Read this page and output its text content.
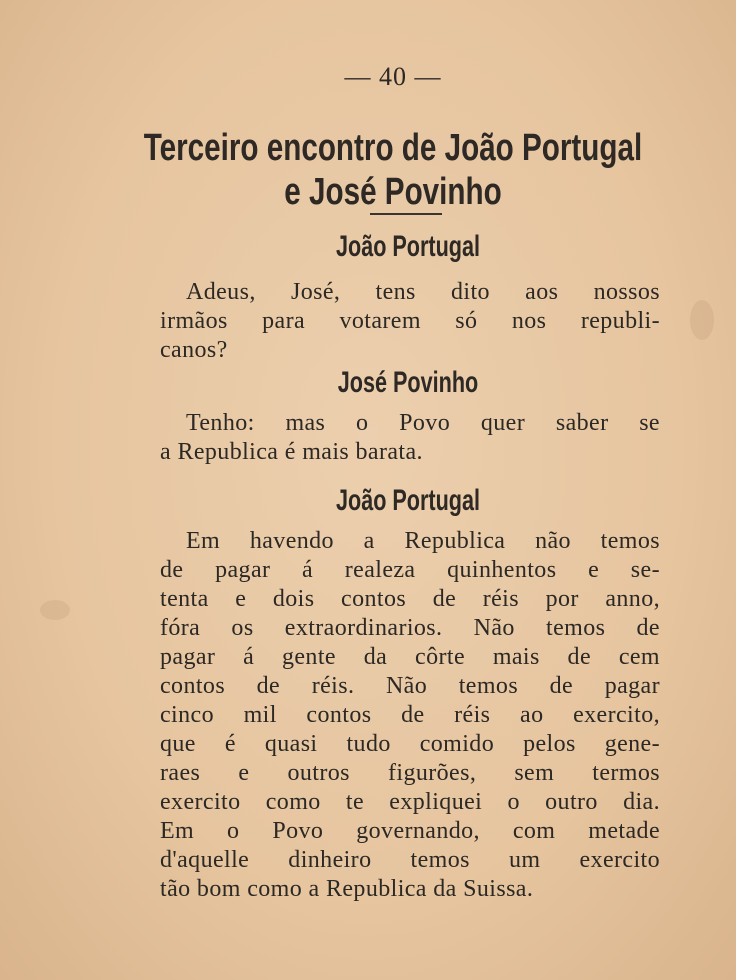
— 40 —
Terceiro encontro de João Portugal
e José Povinho
João Portugal
Adeus, José, tens dito aos nossos
irmãos para votarem só nos republi-
canos?
José Povinho
Tenho: mas o Povo quer saber se
a Republica é mais barata.
João Portugal
Em havendo a Republica não temos
de pagar á realeza quinhentos e se-
tenta e dois contos de réis por anno,
fóra os extraordinarios. Não temos de
pagar á gente da côrte mais de cem
contos de réis. Não temos de pagar
cinco mil contos de réis ao exercito,
que é quasi tudo comido pelos gene-
raes e outros figurões, sem termos
exercito como te expliquei o outro dia.
Em o Povo governando, com metade
d'aquelle dinheiro temos um exercito
tão bom como a Republica da Suissa.
